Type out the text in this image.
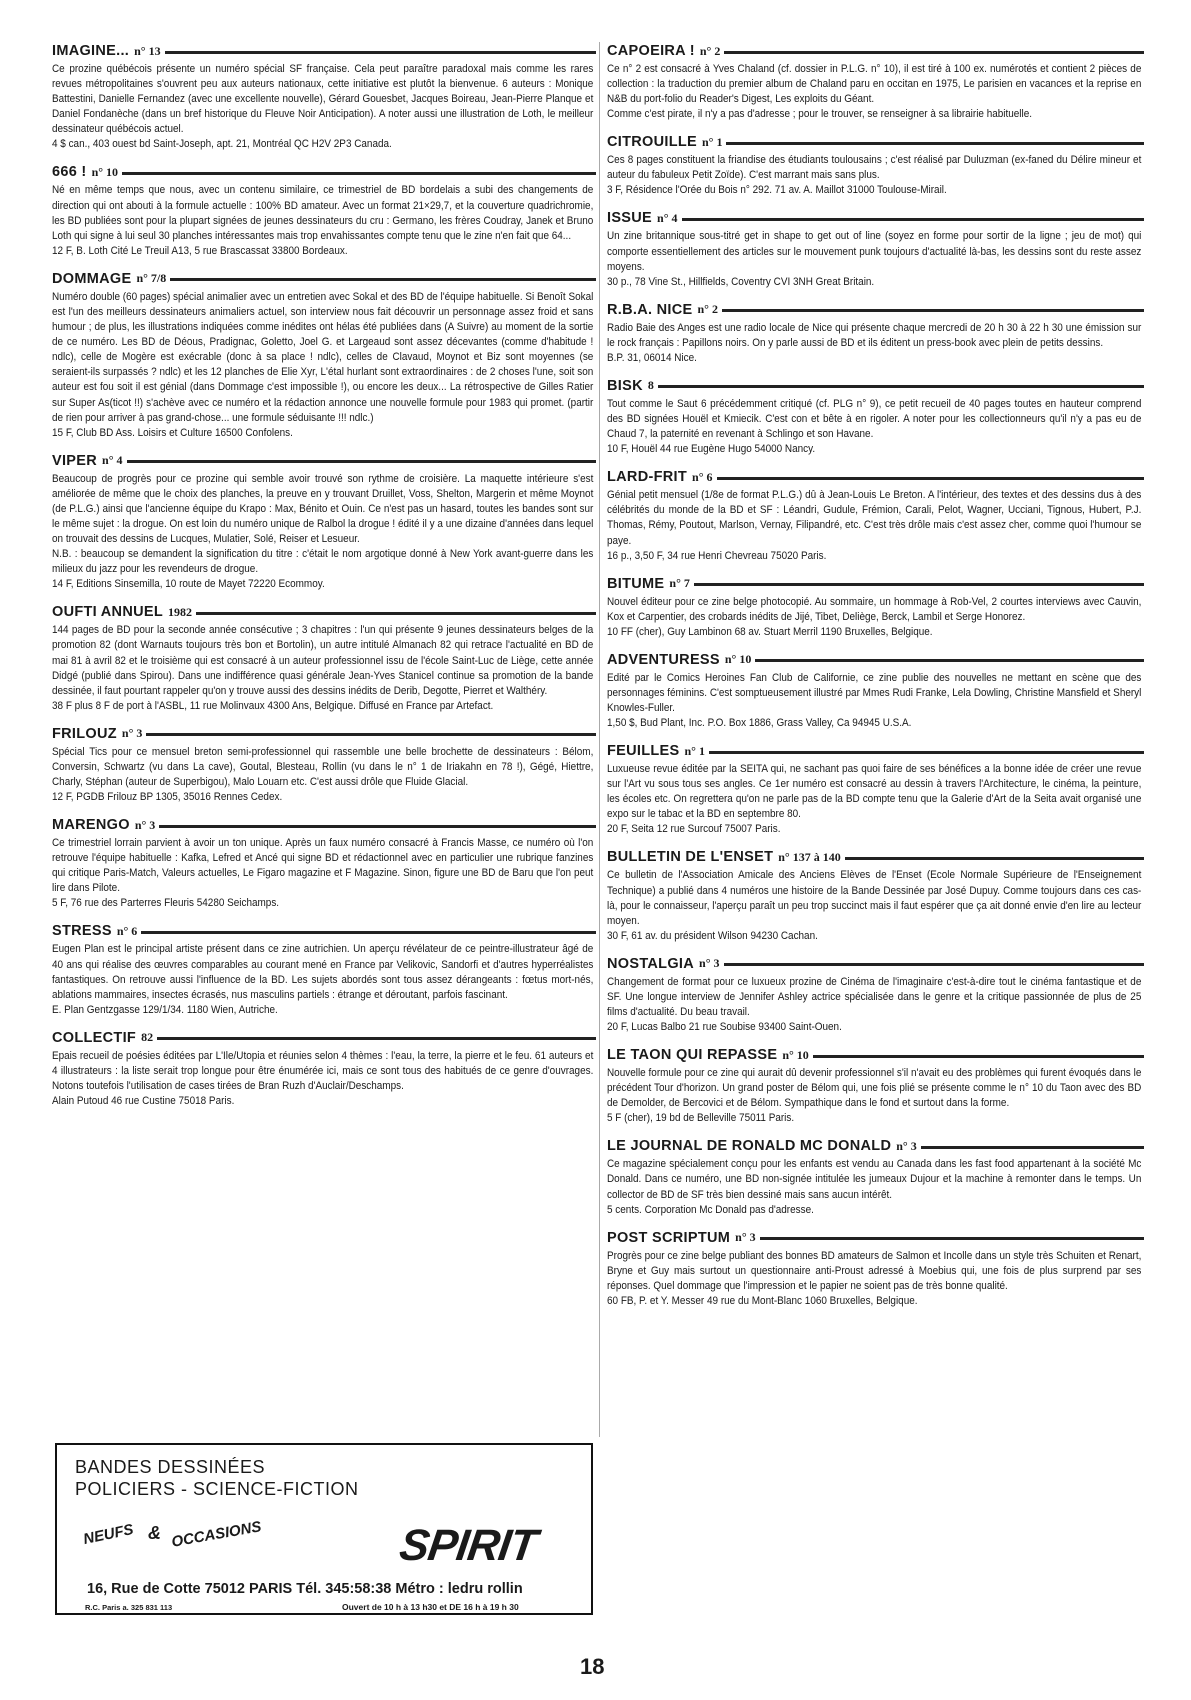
IMAGINE... n° 13

Ce prozine québécois présente un numéro spécial SF française. Cela peut paraître paradoxal mais comme les rares revues métropolitaines s'ouvrent peu aux auteurs nationaux, cette initiative est plutôt la bienvenue. 6 auteurs : Monique Battestini, Danielle Fernandez (avec une excellente nouvelle), Gérard Gouesbet, Jacques Boireau, Jean-Pierre Planque et Daniel Fondanèche (dans un bref historique du Fleuve Noir Anticipation). A noter aussi une illustration de Loth, le meilleur dessinateur québécois actuel.

4 $ can., 403 ouest bd Saint-Joseph, apt. 21, Montréal QC H2V 2P3 Canada.
666 ! n° 10

Né en même temps que nous, avec un contenu similaire, ce trimestriel de BD bordelais a subi des changements de direction qui ont abouti à la formule actuelle : 100% BD amateur. Avec un format 21×29,7, et la couverture quadrichromie, les BD publiées sont pour la plupart signées de jeunes dessinateurs du cru : Germano, les frères Coudray, Janek et Bruno Loth qui signe à lui seul 30 planches intéressantes mais trop envahissantes compte tenu que le zine n'en fait que 64...

12 F, B. Loth Cité Le Treuil A13, 5 rue Brascassat 33800 Bordeaux.
DOMMAGE n° 7/8

Numéro double (60 pages) spécial animalier avec un entretien avec Sokal et des BD de l'équipe habituelle. Si Benoît Sokal est l'un des meilleurs dessinateurs animaliers actuel, son interview nous fait découvrir un personnage assez froid et sans humour ; de plus, les illustrations indiquées comme inédites ont hélas été publiées dans (A Suivre) au moment de la sortie de ce numéro. Les BD de Déous, Pradignac, Goletto, Joel G. et Largeaud sont assez décevantes (comme d'habitude ! ndlc), celle de Mogère est exécrable (donc à sa place ! ndlc), celles de Clavaud, Moynot et Biz sont moyennes (se seraient-ils surpassés ? ndlc) et les 12 planches de Elie Xyr, L'étal hurlant sont extraordinaires : de 2 choses l'une, soit son auteur est fou soit il est génial (dans Dommage c'est impossible !), ou encore les deux... La rétrospective de Gilles Ratier sur Super As(ticot !!) s'achève avec ce numéro et la rédaction annonce une nouvelle formule pour 1983 qui promet. (partir de rien pour arriver à pas grand-chose... une formule séduisante !!! ndlc.)

15 F, Club BD Ass. Loisirs et Culture 16500 Confolens.
VIPER n° 4

Beaucoup de progrès pour ce prozine qui semble avoir trouvé son rythme de croisière. La maquette intérieure s'est améliorée de même que le choix des planches, la preuve en y trouvant Druillet, Voss, Shelton, Margerin et même Moynot (de P.L.G.) ainsi que l'ancienne équipe du Krapo : Max, Bénito et Ouin. Ce n'est pas un hasard, toutes les bandes sont sur le même sujet : la drogue. On est loin du numéro unique de Ralbol la drogue ! édité il y a une dizaine d'années dans lequel on trouvait des dessins de Lucques, Mulatier, Solé, Reiser et Lesueur.

N.B. : beaucoup se demandent la signification du titre : c'était le nom argotique donné à New York avant-guerre dans les milieux du jazz pour les revendeurs de drogue.

14 F, Editions Sinsemilla, 10 route de Mayet 72220 Ecommoy.
OUFTI ANNUEL 1982

144 pages de BD pour la seconde année consécutive ; 3 chapitres : l'un qui présente 9 jeunes dessinateurs belges de la promotion 82 (dont Warnauts toujours très bon et Bortolin), un autre intitulé Almanach 82 qui retrace l'actualité en BD de mai 81 à avril 82 et le troisième qui est consacré à un auteur professionnel issu de l'école Saint-Luc de Liège, cette année Didgé (publié dans Spirou). Dans une indifférence quasi générale Jean-Yves Stanicel continue sa promotion de la bande dessinée, il faut pourtant rappeler qu'on y trouve aussi des dessins inédits de Derib, Degotte, Pierret et Walthéry.

38 F plus 8 F de port à l'ASBL, 11 rue Molinvaux 4300 Ans, Belgique. Diffusé en France par Artefact.
FRILOUZ n° 3

Spécial Tics pour ce mensuel breton semi-professionnel qui rassemble une belle brochette de dessinateurs : Bélom, Conversin, Schwartz (vu dans La cave), Goutal, Blesteau, Rollin (vu dans le n° 1 de Iriakahn en 78 !), Gégé, Hiettre, Charly, Stéphan (auteur de Superbigou), Malo Louarn etc. C'est aussi drôle que Fluide Glacial.

12 F, PGDB Frilouz BP 1305, 35016 Rennes Cedex.
MARENGO n° 3

Ce trimestriel lorrain parvient à avoir un ton unique. Après un faux numéro consacré à Francis Masse, ce numéro où l'on retrouve l'équipe habituelle : Kafka, Lefred et Ancé qui signe BD et rédactionnel avec en particulier une rubrique fanzines qui critique Paris-Match, Valeurs actuelles, Le Figaro magazine et F Magazine. Sinon, figure une BD de Baru que l'on peut lire dans Pilote.

5 F, 76 rue des Parterres Fleuris 54280 Seichamps.
STRESS n° 6

Eugen Plan est le principal artiste présent dans ce zine autrichien. Un aperçu révélateur de ce peintre-illustrateur âgé de 40 ans qui réalise des œuvres comparables au courant mené en France par Velikovic, Sandorfi et d'autres hyperréalistes fantastiques. On retrouve aussi l'influence de la BD. Les sujets abordés sont tous assez dérangeants : fœtus mort-nés, ablations mammaires, insectes écrasés, nus masculins partiels : étrange et déroutant, parfois fascinant.

E. Plan Gentzgasse 129/1/34. 1180 Wien, Autriche.
COLLECTIF 82

Epais recueil de poésies éditées par L'Ile/Utopia et réunies selon 4 thèmes : l'eau, la terre, la pierre et le feu. 61 auteurs et 4 illustrateurs : la liste serait trop longue pour être énumérée ici, mais ce sont tous des habitués de ce genre d'ouvrages. Notons toutefois l'utilisation de cases tirées de Bran Ruzh d'Auclair/Deschamps.

Alain Putoud 46 rue Custine 75018 Paris.
CAPOEIRA ! n° 2

Ce n° 2 est consacré à Yves Chaland (cf. dossier in P.L.G. n° 10), il est tiré à 100 ex. numérotés et contient 2 pièces de collection : la traduction du premier album de Chaland paru en occitan en 1975, Le parisien en vacances et la reprise en N&B du port-folio du Reader's Digest, Les exploits du Géant.

Comme c'est pirate, il n'y a pas d'adresse ; pour le trouver, se renseigner à sa librairie habituelle.
CITROUILLE n° 1

Ces 8 pages constituent la friandise des étudiants toulousains ; c'est réalisé par Duluzman (ex-faned du Délire mineur et auteur du fabuleux Petit Zoïde). C'est marrant mais sans plus.

3 F, Résidence l'Orée du Bois n° 292. 71 av. A. Maillot 31000 Toulouse-Mirail.
ISSUE n° 4

Un zine britannique sous-titré get in shape to get out of line (soyez en forme pour sortir de la ligne ; jeu de mot) qui comporte essentiellement des articles sur le mouvement punk toujours d'actualité là-bas, les dessins sont du reste assez moyens.

30 p., 78 Vine St., Hillfields, Coventry CVI 3NH Great Britain.
R.B.A. NICE n° 2

Radio Baie des Anges est une radio locale de Nice qui présente chaque mercredi de 20 h 30 à 22 h 30 une émission sur le rock français : Papillons noirs. On y parle aussi de BD et ils éditent un press-book avec plein de petits dessins.

B.P. 31, 06014 Nice.
BISK 8

Tout comme le Saut 6 précédemment critiqué (cf. PLG n° 9), ce petit recueil de 40 pages toutes en hauteur comprend des BD signées Houël et Kmiecik. C'est con et bête à en rigoler. A noter pour les collectionneurs qu'il n'y a pas eu de Chaud 7, la paternité en revenant à Schlingo et son Havane.

10 F, Houël 44 rue Eugène Hugo 54000 Nancy.
LARD-FRIT n° 6

Génial petit mensuel (1/8e de format P.L.G.) dû à Jean-Louis Le Breton. A l'intérieur, des textes et des dessins dus à des célébrités du monde de la BD et SF : Léandri, Gudule, Frémion, Carali, Pelot, Wagner, Ucciani, Tignous, Hubert, P.J. Thomas, Rémy, Poutout, Marlson, Vernay, Filipandré, etc. C'est très drôle mais c'est assez cher, comme quoi l'humour se paye.

16 p., 3,50 F, 34 rue Henri Chevreau 75020 Paris.
BITUME n° 7

Nouvel éditeur pour ce zine belge photocopié. Au sommaire, un hommage à Rob-Vel, 2 courtes interviews avec Cauvin, Kox et Carpentier, des crobards inédits de Jijé, Tibet, Deliège, Berck, Lambil et Serge Honorez.

10 FF (cher), Guy Lambinon 68 av. Stuart Merril 1190 Bruxelles, Belgique.
ADVENTURESS n° 10

Edité par le Comics Heroines Fan Club de Californie, ce zine publie des nouvelles ne mettant en scène que des personnages féminins. C'est somptueusement illustré par Mmes Rudi Franke, Lela Dowling, Christine Mansfield et Sheryl Knowles-Fuller.

1,50 $, Bud Plant, Inc. P.O. Box 1886, Grass Valley, Ca 94945 U.S.A.
FEUILLES n° 1

Luxueuse revue éditée par la SEITA qui, ne sachant pas quoi faire de ses bénéfices a la bonne idée de créer une revue sur l'Art vu sous tous ses angles. Ce 1er numéro est consacré au dessin à travers l'Architecture, le cinéma, la peinture, les écoles etc. On regrettera qu'on ne parle pas de la BD compte tenu que la Galerie d'Art de la Seita avait organisé une expo sur le tabac et la BD en septembre 80.

20 F, Seita 12 rue Surcouf 75007 Paris.
BULLETIN DE L'ENSET n° 137 à 140

Ce bulletin de l'Association Amicale des Anciens Elèves de l'Enset (Ecole Normale Supérieure de l'Enseignement Technique) a publié dans 4 numéros une histoire de la Bande Dessinée par José Dupuy. Comme toujours dans ces cas-là, pour le connaisseur, l'aperçu paraît un peu trop succinct mais il faut espérer que ça ait donné envie d'en lire au lecteur moyen.

30 F, 61 av. du président Wilson 94230 Cachan.
NOSTALGIA n° 3

Changement de format pour ce luxueux prozine de Cinéma de l'imaginaire c'est-à-dire tout le cinéma fantastique et de SF. Une longue interview de Jennifer Ashley actrice spécialisée dans le genre et la critique passionnée de plus de 25 films d'actualité. Du beau travail.

20 F, Lucas Balbo 21 rue Soubise 93400 Saint-Ouen.
LE TAON QUI REPASSE n° 10

Nouvelle formule pour ce zine qui aurait dû devenir professionnel s'il n'avait eu des problèmes qui furent évoqués dans le précédent Tour d'horizon. Un grand poster de Bélom qui, une fois plié se présente comme le n° 10 du Taon avec des BD de Demolder, de Bercovici et de Bélom. Sympathique dans le fond et surtout dans la forme.

5 F (cher), 19 bd de Belleville 75011 Paris.
LE JOURNAL DE RONALD MC DONALD n° 3

Ce magazine spécialement conçu pour les enfants est vendu au Canada dans les fast food appartenant à la société Mc Donald. Dans ce numéro, une BD non-signée intitulée les jumeaux Dujour et la machine à remonter dans le temps. Un collector de BD de SF très bien dessiné mais sans aucun intérêt.

5 cents. Corporation Mc Donald pas d'adresse.
POST SCRIPTUM n° 3

Progrès pour ce zine belge publiant des bonnes BD amateurs de Salmon et Incolle dans un style très Schuiten et Renart, Bryne et Guy mais surtout un questionnaire anti-Proust adressé à Moebius qui, une fois de plus surprend par ses réponses. Quel dommage que l'impression et le papier ne soient pas de très bonne qualité.

60 FB, P. et Y. Messer 49 rue du Mont-Blanc 1060 Bruxelles, Belgique.
BANDES DESSINÉES
POLICIERS - SCIENCE-FICTION
NEUFS & OCCASIONS	SPIRIT
16, Rue de Cotte 75012 PARIS Tél. 345:58:38 Métro : ledru rollin
R.C. Paris a. 325 831 113	Ouvert de 10 h à 13 h30 et DE 16 h à 19 h 30
18
